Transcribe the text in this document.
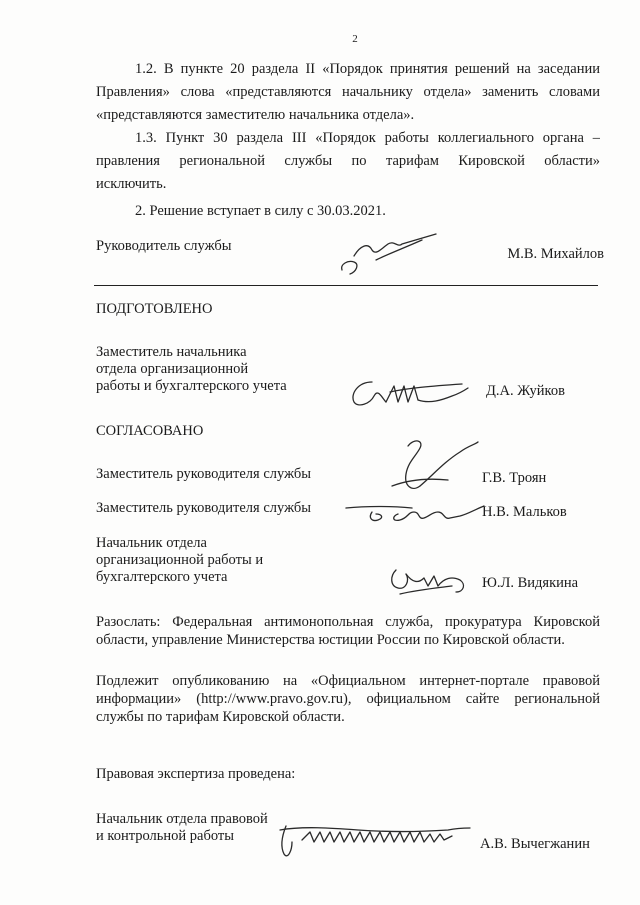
2
1.2. В пункте 20 раздела II «Порядок принятия решений на заседании
Правления» слова «представляются начальнику отдела» заменить словами
«представляются заместителю начальника отдела».
1.3. Пункт 30 раздела III «Порядок работы коллегиального органа –
правления региональной службы по тарифам Кировской области»
исключить.
2. Решение вступает в силу с 30.03.2021.
Руководитель службы	М.В. Михайлов
ПОДГОТОВЛЕНО
Заместитель начальника
отдела организационной
работы и бухгалтерского учета	Д.А. Жуйков
СОГЛАСОВАНО
Заместитель руководителя службы	Г.В. Троян
Заместитель руководителя службы	Н.В. Мальков
Начальник отдела
организационной работы и
бухгалтерского учета	Ю.Л. Видякина
Разослать: Федеральная антимонопольная служба, прокуратура Кировской
области, управление Министерства юстиции России по Кировской области.
Подлежит опубликованию на «Официальном интернет-портале правовой
информации» (http://www.pravo.gov.ru), официальном сайте региональной
службы по тарифам Кировской области.
Правовая экспертиза проведена:
Начальник отдела правовой
и контрольной работы	А.В. Вычегжанин
